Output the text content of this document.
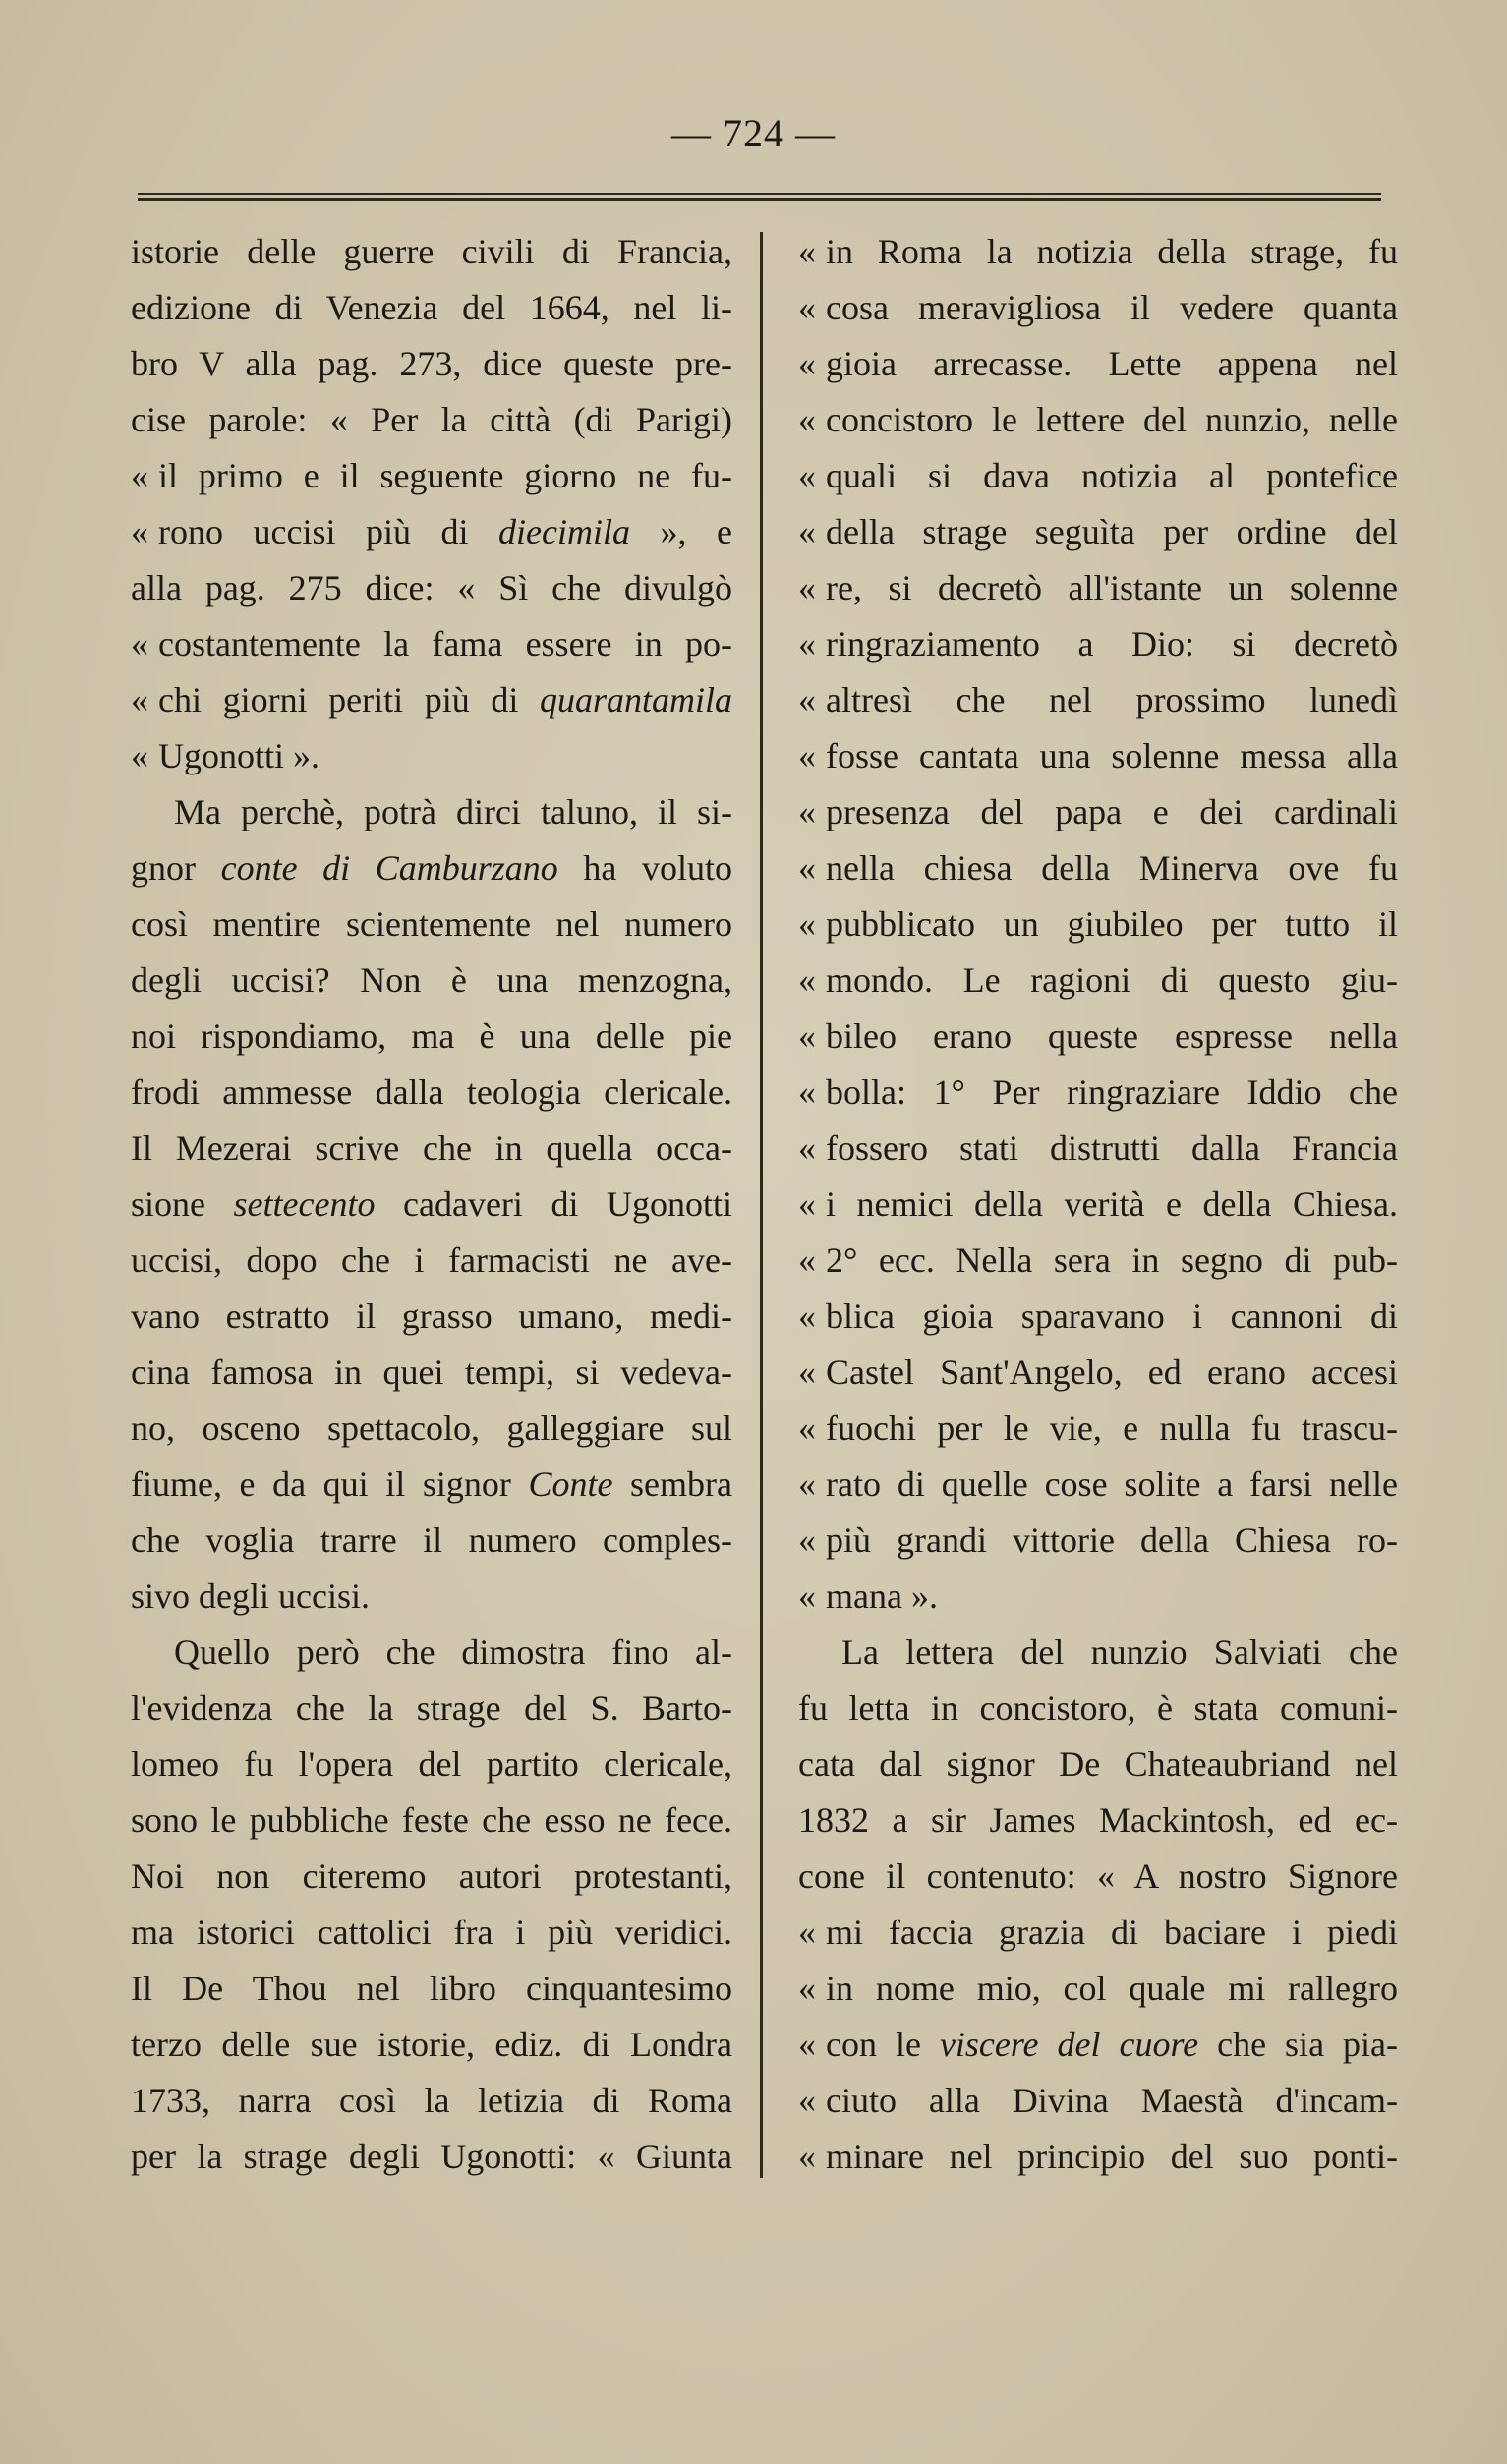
— 724 —
istorie delle guerre civili di Francia,
edizione di Venezia del 1664, nel li-
bro V alla pag. 273, dice queste pre-
cise parole: « Per la città (di Parigi)
« il primo e il seguente giorno ne fu-
« rono uccisi più di diecimila », e
alla pag. 275 dice: « Sì che divulgò
« costantemente la fama essere in po-
« chi giorni periti più di quarantamila
« Ugonotti ».
Ma perchè, potrà dirci taluno, il si-
gnor conte di Camburzano ha voluto
così mentire scientemente nel numero
degli uccisi? Non è una menzogna,
noi rispondiamo, ma è una delle pie
frodi ammesse dalla teologia clericale.
Il Mezerai scrive che in quella occa-
sione settecento cadaveri di Ugonotti
uccisi, dopo che i farmacisti ne ave-
vano estratto il grasso umano, medi-
cina famosa in quei tempi, si vedeva-
no, osceno spettacolo, galleggiare sul
fiume, e da qui il signor Conte sembra
che voglia trarre il numero comples-
sivo degli uccisi.
Quello però che dimostra fino al-
l'evidenza che la strage del S. Barto-
lomeo fu l'opera del partito clericale,
sono le pubbliche feste che esso ne fece.
Noi non citeremo autori protestanti,
ma istorici cattolici fra i più veridici.
Il De Thou nel libro cinquantesimo
terzo delle sue istorie, ediz. di Londra
1733, narra così la letizia di Roma
per la strage degli Ugonotti: « Giunta
« in Roma la notizia della strage, fu
« cosa meravigliosa il vedere quanta
« gioia arrecasse. Lette appena nel
« concistoro le lettere del nunzio, nelle
« quali si dava notizia al pontefice
« della strage seguìta per ordine del
« re, si decretò all'istante un solenne
« ringraziamento a Dio: si decretò
« altresì che nel prossimo lunedì
« fosse cantata una solenne messa alla
« presenza del papa e dei cardinali
« nella chiesa della Minerva ove fu
« pubblicato un giubileo per tutto il
« mondo. Le ragioni di questo giu-
« bileo erano queste espresse nella
« bolla: 1° Per ringraziare Iddio che
« fossero stati distrutti dalla Francia
« i nemici della verità e della Chiesa.
« 2° ecc. Nella sera in segno di pub-
« blica gioia sparavano i cannoni di
« Castel Sant'Angelo, ed erano accesi
« fuochi per le vie, e nulla fu trascu-
« rato di quelle cose solite a farsi nelle
« più grandi vittorie della Chiesa ro-
« mana ».
La lettera del nunzio Salviati che
fu letta in concistoro, è stata comuni-
cata dal signor De Chateaubriand nel
1832 a sir James Mackintosh, ed ec-
cone il contenuto: « A nostro Signore
« mi faccia grazia di baciare i piedi
« in nome mio, col quale mi rallegro
« con le viscere del cuore che sia pia-
« ciuto alla Divina Maestà d'incam-
« minare nel principio del suo ponti-
